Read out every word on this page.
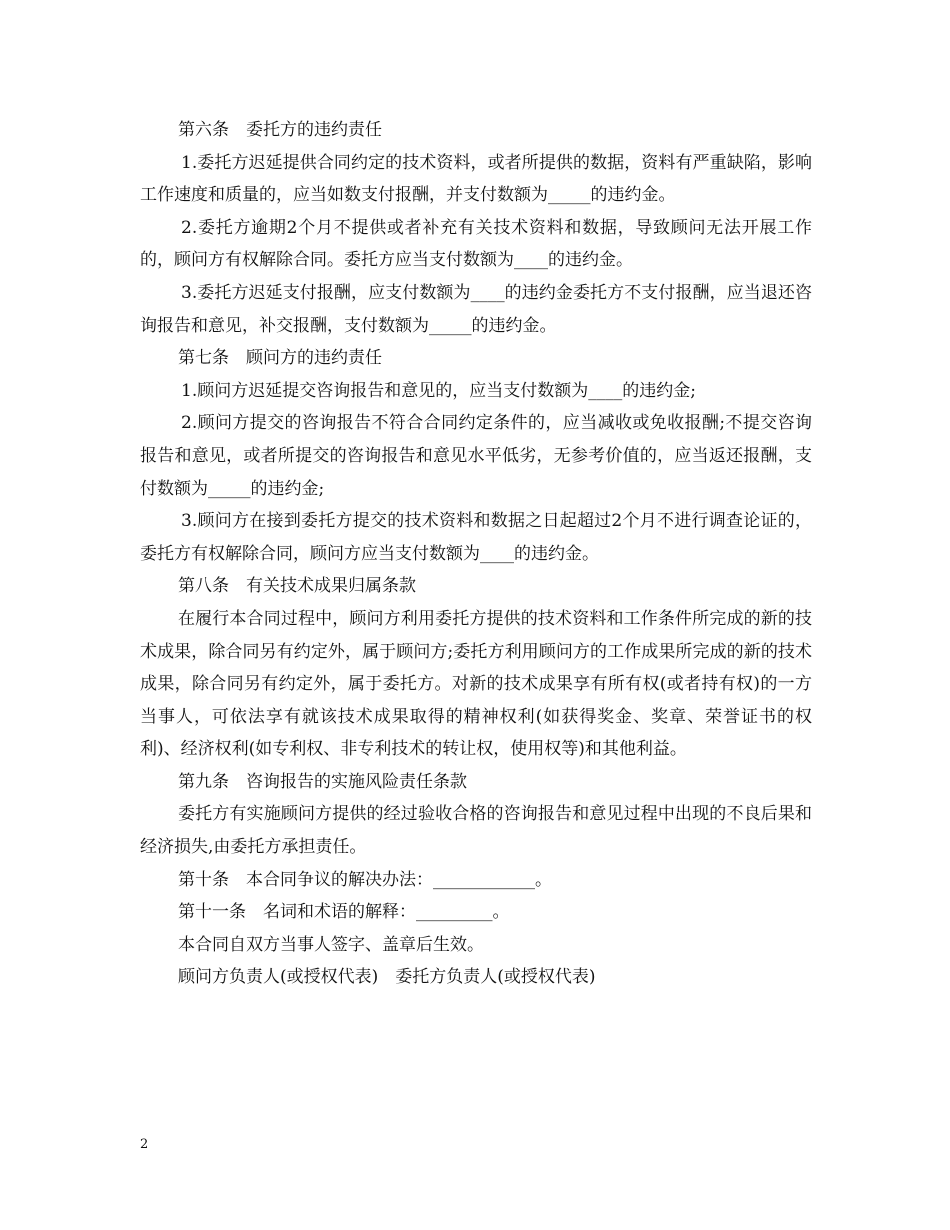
第六条　委托方的违约责任

1.委托方迟延提供合同约定的技术资料，或者所提供的数据，资料有严重缺陷，影响工作速度和质量的，应当如数支付报酬，并支付数额为_____的违约金。

2.委托方逾期2个月不提供或者补充有关技术资料和数据，导致顾问无法开展工作的，顾问方有权解除合同。委托方应当支付数额为____的违约金。

3.委托方迟延支付报酬，应支付数额为____的违约金委托方不支付报酬，应当退还咨询报告和意见，补交报酬，支付数额为_____的违约金。

第七条　顾问方的违约责任

1.顾问方迟延提交咨询报告和意见的，应当支付数额为____的违约金;

2.顾问方提交的咨询报告不符合合同约定条件的，应当减收或免收报酬;不提交咨询报告和意见，或者所提交的咨询报告和意见水平低劣，无参考价值的，应当返还报酬，支付数额为_____的违约金;

3.顾问方在接到委托方提交的技术资料和数据之日起超过2个月不进行调查论证的，委托方有权解除合同，顾问方应当支付数额为____的违约金。

第八条　有关技术成果归属条款

在履行本合同过程中，顾问方利用委托方提供的技术资料和工作条件所完成的新的技术成果，除合同另有约定外，属于顾问方;委托方利用顾问方的工作成果所完成的新的技术成果，除合同另有约定外，属于委托方。对新的技术成果享有所有权(或者持有权)的一方当事人，可依法享有就该技术成果取得的精神权利(如获得奖金、奖章、荣誉证书的权利)、经济权利(如专利权、非专利技术的转让权，使用权等)和其他利益。

第九条　咨询报告的实施风险责任条款

委托方有实施顾问方提供的经过验收合格的咨询报告和意见过程中出现的不良后果和经济损失,由委托方承担责任。

第十条　本合同争议的解决办法：____________。

第十一条　名词和术语的解释：_________。

本合同自双方当事人签字、盖章后生效。

顾问方负责人(或授权代表)　委托方负责人(或授权代表)

2
